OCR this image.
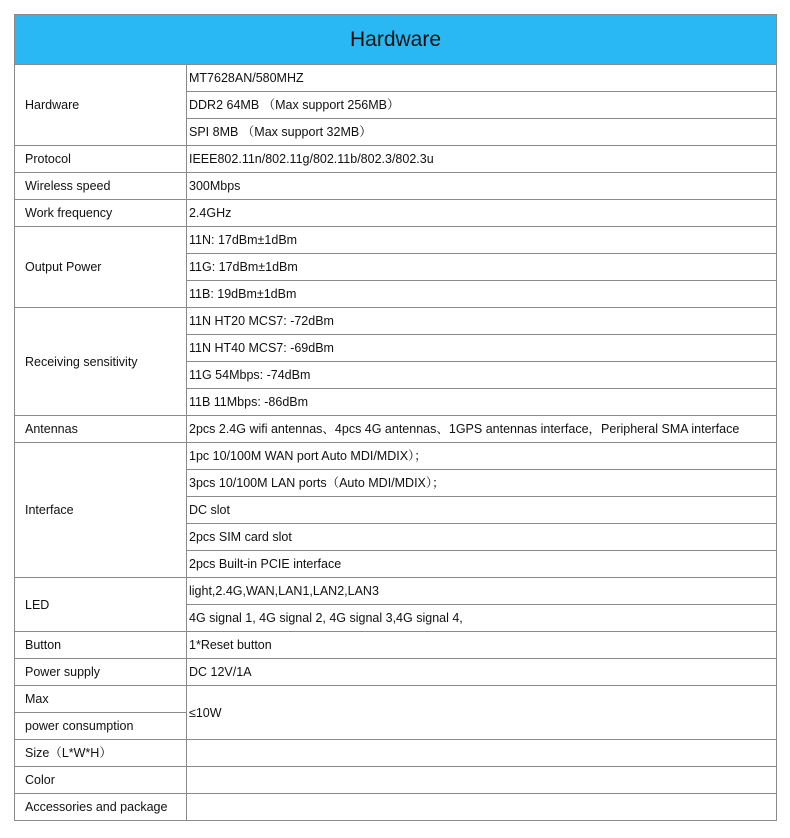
Hardware	
Hardware	MT7628AN/580MHZ
	DDR2 64MB （Max support 256MB）
	SPI 8MB （Max support 32MB）
Protocol	IEEE802.11n/802.11g/802.11b/802.3/802.3u
Wireless speed	300Mbps
Work frequency	2.4GHz
Output Power	11N: 17dBm±1dBm
	11G: 17dBm±1dBm
	11B: 19dBm±1dBm
Receiving sensitivity	11N HT20 MCS7: -72dBm
	11N HT40 MCS7: -69dBm
	11G 54Mbps: -74dBm
	11B 11Mbps: -86dBm
Antennas	2pcs 2.4G wifi antennas、4pcs 4G antennas、1GPS antennas interface，Peripheral SMA interface
Interface	1pc 10/100M WAN port Auto MDI/MDIX）；
	3pcs 10/100M LAN ports（Auto MDI/MDIX）；
	DC slot
	2pcs SIM card slot
	2pcs Built-in PCIE interface
LED	light,2.4G,WAN,LAN1,LAN2,LAN3
	4G signal 1, 4G signal 2, 4G signal 3,4G signal 4,
Button	1*Reset button
Power supply	DC 12V/1A
Max	≤10W
power consumption	
Size（L*W*H）	
Color	
Accessories and package	
